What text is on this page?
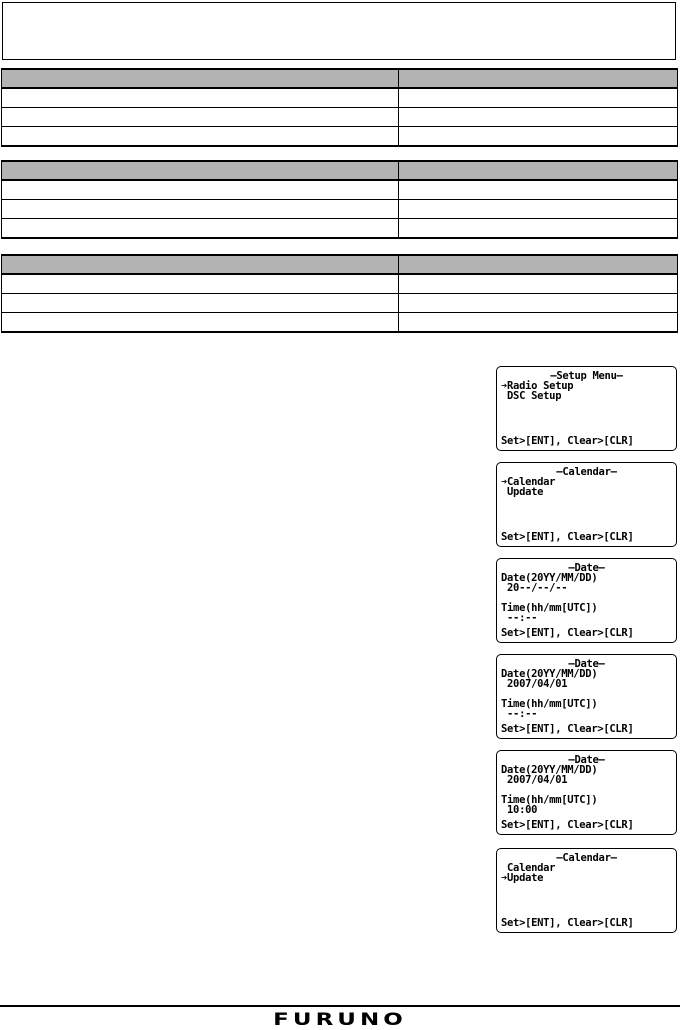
—Setup Menu—
➔Radio Setup
DSC Setup
Set>[ENT], Clear>[CLR]
—Calendar—
➔Calendar
Update
Set>[ENT], Clear>[CLR]
—Date—
Date(20YY/MM/DD)
20--/--/--
Time(hh/mm[UTC])
--:--
Set>[ENT], Clear>[CLR]
—Date—
Date(20YY/MM/DD)
2007/04/01
Time(hh/mm[UTC])
--:--
Set>[ENT], Clear>[CLR]
—Date—
Date(20YY/MM/DD)
2007/04/01
Time(hh/mm[UTC])
10:00
Set>[ENT], Clear>[CLR]
—Calendar—
Calendar
➔Update
Set>[ENT], Clear>[CLR]
FURUNO
